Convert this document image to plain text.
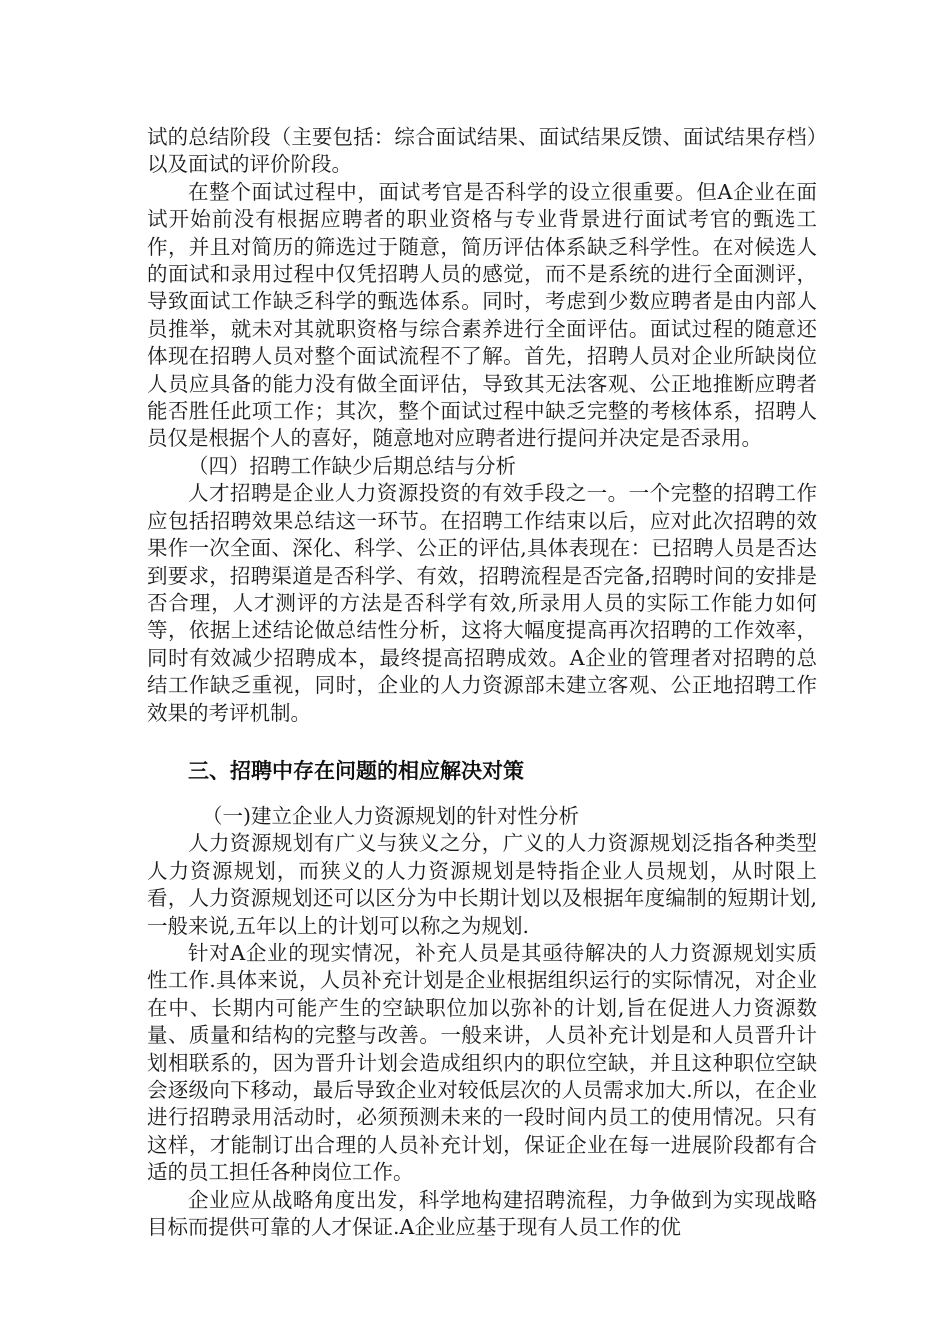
试的总结阶段（主要包括：综合面试结果、面试结果反馈、面试结果存档）以及面试的评价阶段。

在整个面试过程中，面试考官是否科学的设立很重要。但A企业在面试开始前没有根据应聘者的职业资格与专业背景进行面试考官的甄选工作，并且对简历的筛选过于随意，简历评估体系缺乏科学性。在对候选人的面试和录用过程中仅凭招聘人员的感觉，而不是系统的进行全面测评，导致面试工作缺乏科学的甄选体系。同时，考虑到少数应聘者是由内部人员推举，就未对其就职资格与综合素养进行全面评估。面试过程的随意还体现在招聘人员对整个面试流程不了解。首先，招聘人员对企业所缺岗位人员应具备的能力没有做全面评估，导致其无法客观、公正地推断应聘者能否胜任此项工作；其次，整个面试过程中缺乏完整的考核体系，招聘人员仅是根据个人的喜好，随意地对应聘者进行提问并决定是否录用。

（四）招聘工作缺少后期总结与分析

人才招聘是企业人力资源投资的有效手段之一。一个完整的招聘工作应包括招聘效果总结这一环节。在招聘工作结束以后，应对此次招聘的效果作一次全面、深化、科学、公正的评估,具体表现在：已招聘人员是否达到要求，招聘渠道是否科学、有效，招聘流程是否完备,招聘时间的安排是否合理，人才测评的方法是否科学有效,所录用人员的实际工作能力如何等，依据上述结论做总结性分析，这将大幅度提高再次招聘的工作效率，同时有效减少招聘成本，最终提高招聘成效。A企业的管理者对招聘的总结工作缺乏重视，同时，企业的人力资源部未建立客观、公正地招聘工作效果的考评机制。

三、招聘中存在问题的相应解决对策

（一)建立企业人力资源规划的针对性分析

人力资源规划有广义与狭义之分，广义的人力资源规划泛指各种类型人力资源规划，而狭义的人力资源规划是特指企业人员规划，从时限上看，人力资源规划还可以区分为中长期计划以及根据年度编制的短期计划,一般来说,五年以上的计划可以称之为规划.

针对A企业的现实情况，补充人员是其亟待解决的人力资源规划实质性工作.具体来说，人员补充计划是企业根据组织运行的实际情况，对企业在中、长期内可能产生的空缺职位加以弥补的计划,旨在促进人力资源数量、质量和结构的完整与改善。一般来讲，人员补充计划是和人员晋升计划相联系的，因为晋升计划会造成组织内的职位空缺，并且这种职位空缺会逐级向下移动，最后导致企业对较低层次的人员需求加大.所以，在企业进行招聘录用活动时，必须预测未来的一段时间内员工的使用情况。只有这样，才能制订出合理的人员补充计划，保证企业在每一进展阶段都有合适的员工担任各种岗位工作。

企业应从战略角度出发，科学地构建招聘流程，力争做到为实现战略目标而提供可靠的人才保证.A企业应基于现有人员工作的优
